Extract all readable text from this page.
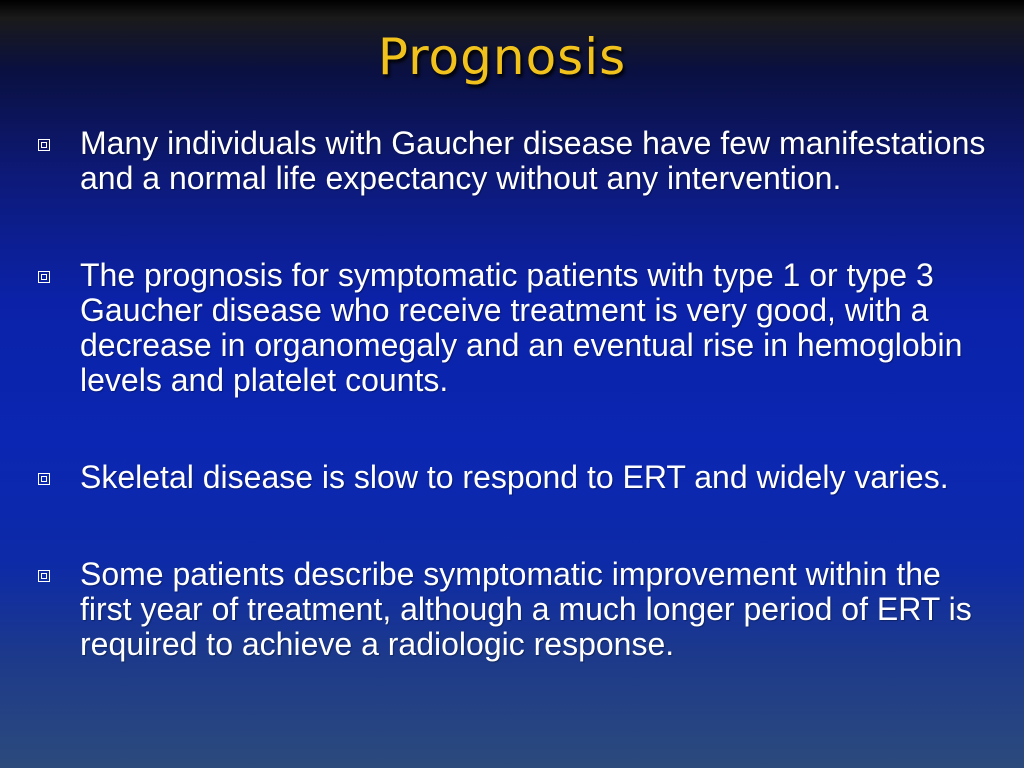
Prognosis
Many individuals with Gaucher disease have few manifestations and a normal life expectancy without any intervention.
The prognosis for symptomatic patients with type 1 or type 3 Gaucher disease who receive treatment is very good, with a decrease in organomegaly and an eventual rise in hemoglobin levels and platelet counts.
Skeletal disease is slow to respond to ERT and widely varies.
Some patients describe symptomatic improvement within the first year of treatment, although a much longer period of ERT is required to achieve a radiologic response.
